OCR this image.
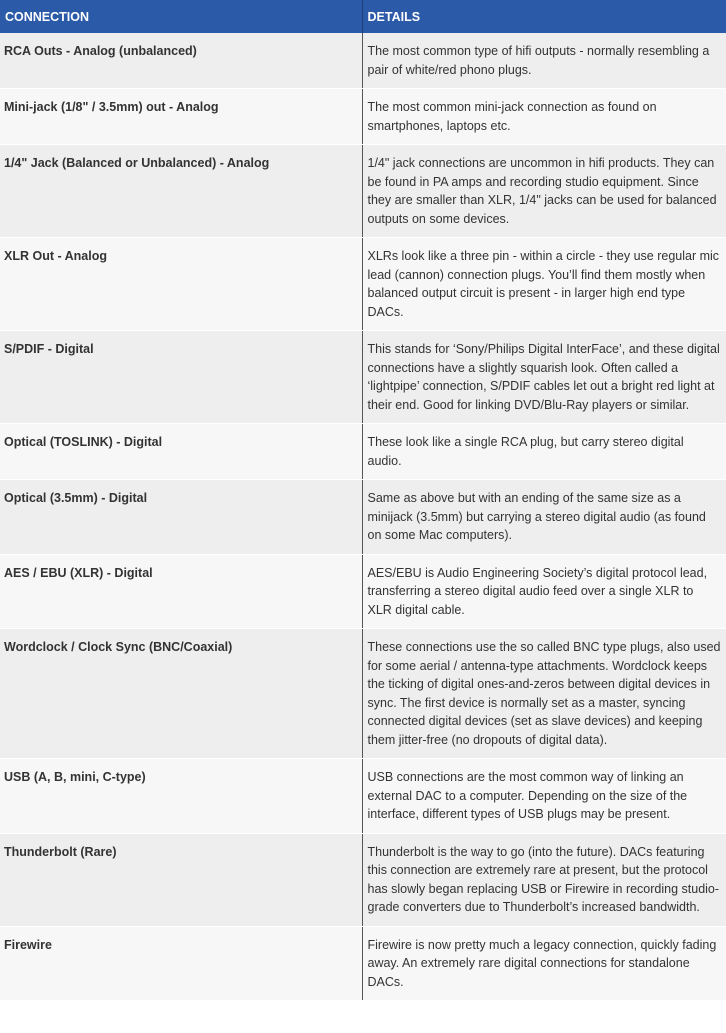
CONNECTION	DETAILS
RCA Outs - Analog (unbalanced)	The most common type of hifi outputs - normally resembling a pair of white/red phono plugs.
Mini-jack (1/8" / 3.5mm) out - Analog	The most common mini-jack connection as found on smartphones, laptops etc.
1/4" Jack (Balanced or Unbalanced) - Analog	1/4" jack connections are uncommon in hifi products. They can be found in PA amps and recording studio equipment. Since they are smaller than XLR, 1/4" jacks can be used for balanced outputs on some devices.
XLR Out - Analog	XLRs look like a three pin - within a circle - they use regular mic lead (cannon) connection plugs. You’ll find them mostly when balanced output circuit is present - in larger high end type DACs.
S/PDIF - Digital	This stands for ‘Sony/Philips Digital InterFace’, and these digital connections have a slightly squarish look. Often called a ‘lightpipe’ connection, S/PDIF cables let out a bright red light at their end. Good for linking DVD/Blu-Ray players or similar.
Optical (TOSLINK) - Digital	These look like a single RCA plug, but carry stereo digital audio.
Optical (3.5mm) - Digital	Same as above but with an ending of the same size as a minijack (3.5mm) but carrying a stereo digital audio (as found on some Mac computers).
AES / EBU (XLR) - Digital	AES/EBU is Audio Engineering Society’s digital protocol lead, transferring a stereo digital audio feed over a single XLR to XLR digital cable.
Wordclock / Clock Sync (BNC/Coaxial)	These connections use the so called BNC type plugs, also used for some aerial / antenna-type attachments. Wordclock keeps the ticking of digital ones-and-zeros between digital devices in sync. The first device is normally set as a master, syncing connected digital devices (set as slave devices) and keeping them jitter-free (no dropouts of digital data).
USB (A, B, mini, C-type)	USB connections are the most common way of linking an external DAC to a computer. Depending on the size of the interface, different types of USB plugs may be present.
Thunderbolt (Rare)	Thunderbolt is the way to go (into the future). DACs featuring this connection are extremely rare at present, but the protocol has slowly began replacing USB or Firewire in recording studio-grade converters due to Thunderbolt’s increased bandwidth.
Firewire	Firewire is now pretty much a legacy connection, quickly fading away. An extremely rare digital connections for standalone DACs.
